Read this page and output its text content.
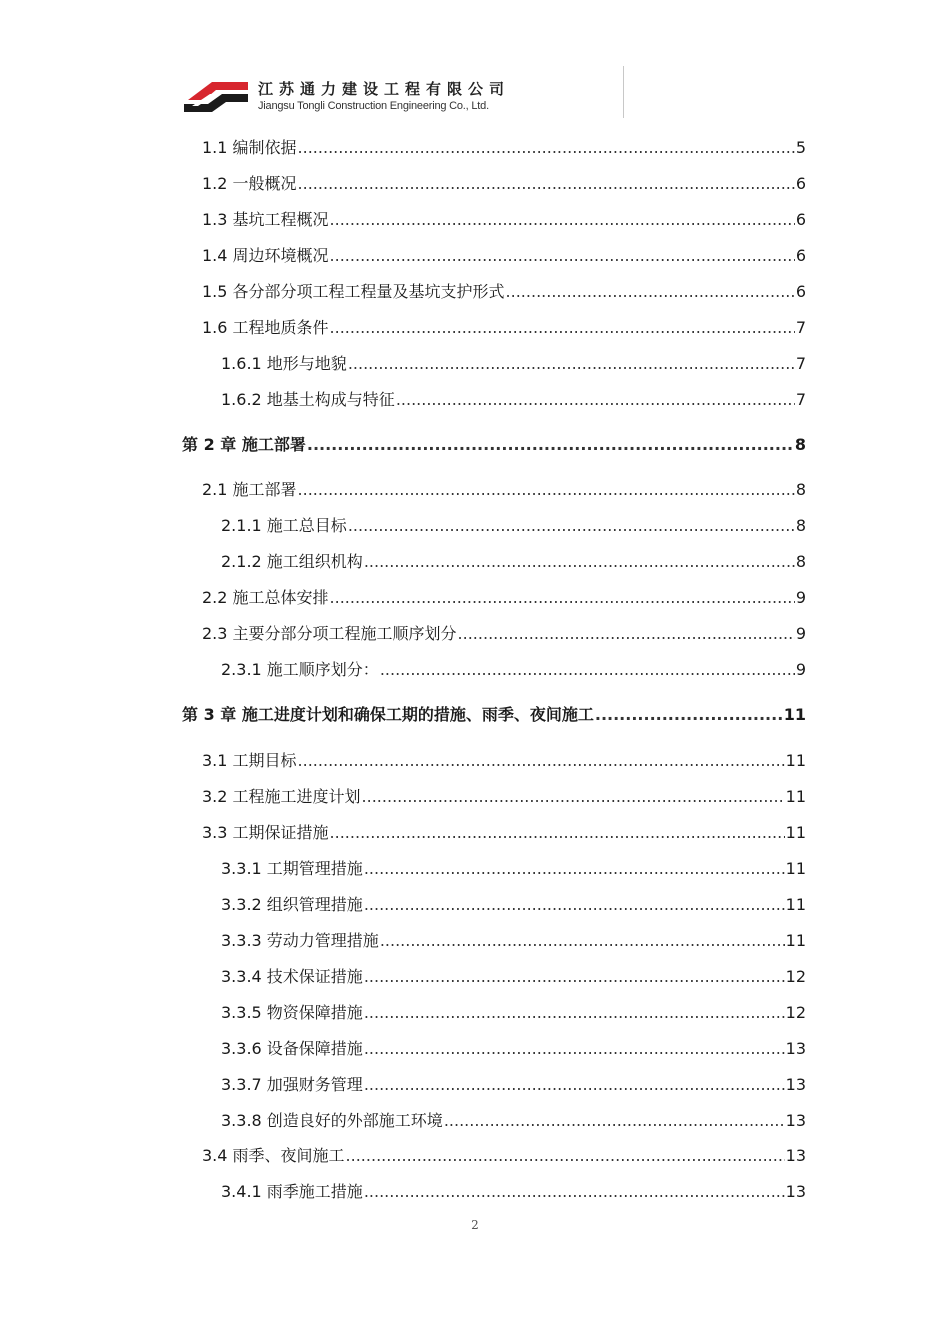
江苏通力建设工程有限公司
Jiangsu Tongli Construction Engineering Co., Ltd.
1.1 编制依据 .....	5
1.2 一般概况 .....	6
1.3 基坑工程概况 .....	6
1.4 周边环境概况 .....	6
1.5 各分部分项工程工程量及基坑支护形式 .....	6
1.6 工程地质条件 .....	7
1.6.1 地形与地貌 .....	7
1.6.2 地基土构成与特征 .....	7
第 2 章 施工部署 .....	8
2.1 施工部署 .....	8
2.1.1 施工总目标 .....	8
2.1.2 施工组织机构 .....	8
2.2 施工总体安排 .....	9
2.3 主要分部分项工程施工顺序划分 .....	9
2.3.1 施工顺序划分： .....	9
第 3 章 施工进度计划和确保工期的措施、雨季、夜间施工 .....	11
3.1 工期目标 .....	11
3.2 工程施工进度计划 .....	11
3.3 工期保证措施 .....	11
3.3.1 工期管理措施 .....	11
3.3.2 组织管理措施 .....	11
3.3.3 劳动力管理措施 .....	11
3.3.4 技术保证措施 .....	12
3.3.5 物资保障措施 .....	12
3.3.6 设备保障措施 .....	13
3.3.7 加强财务管理 .....	13
3.3.8 创造良好的外部施工环境 .....	13
3.4 雨季、夜间施工 .....	13
3.4.1 雨季施工措施 .....	13
2
